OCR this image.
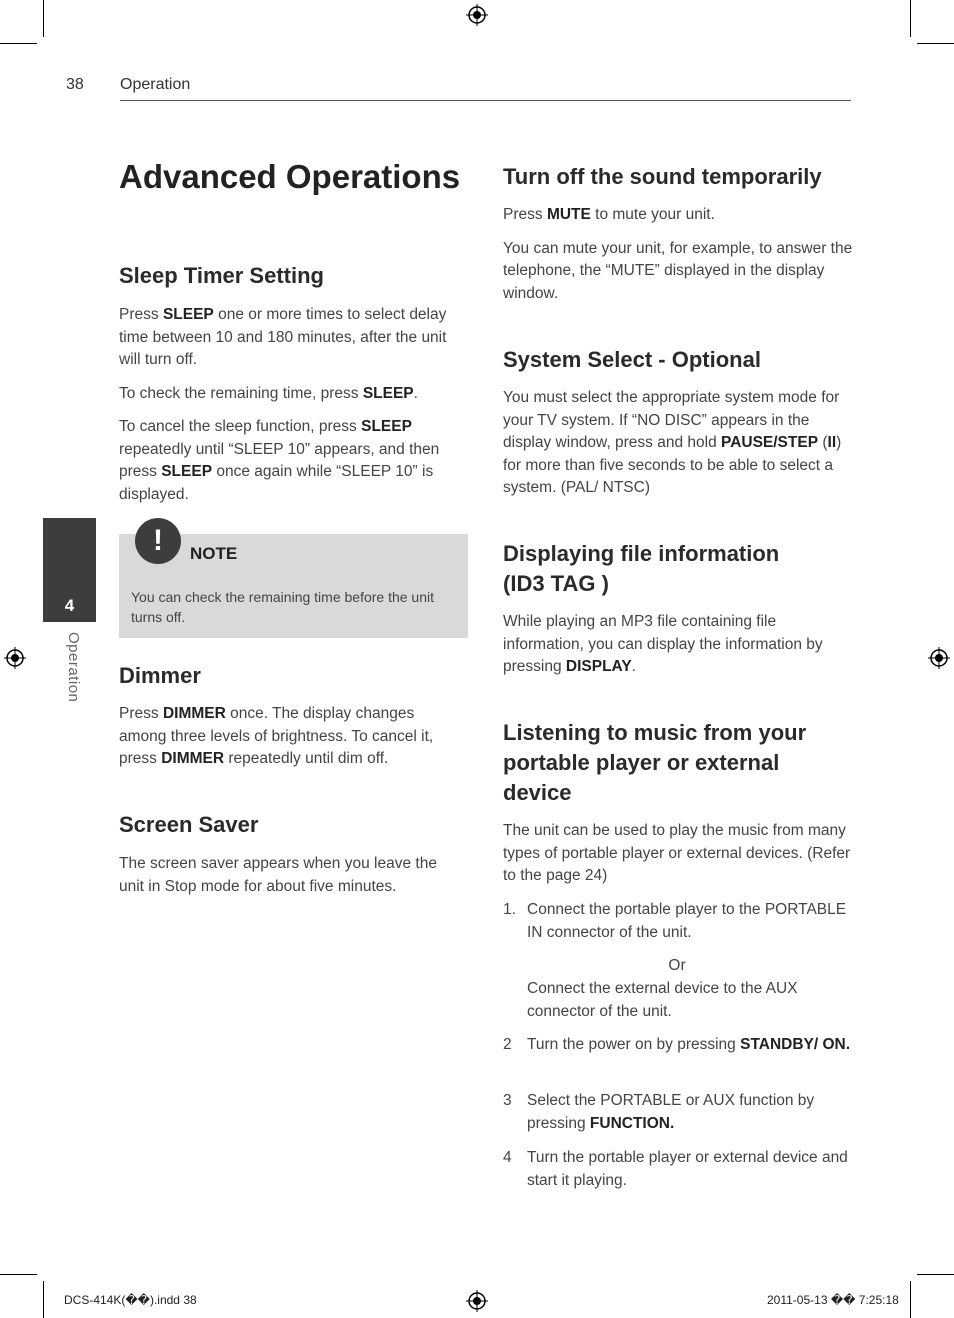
38 Operation
4
Operation
Advanced Operations
Sleep Timer Setting

Press SLEEP one or more times to select delay time between 10 and 180 minutes, after the unit will turn off.

To check the remaining time, press SLEEP.

To cancel the sleep function, press SLEEP repeatedly until “SLEEP 10” appears, and then press SLEEP once again while “SLEEP 10” is displayed.

!	NOTE
You can check the remaining time before the unit turns off.
Dimmer

Press DIMMER once. The display changes among three levels of brightness. To cancel it, press DIMMER repeatedly until dim off.

Screen Saver

The screen saver appears when you leave the unit in Stop mode for about five minutes.

Turn off the sound temporarily

Press MUTE to mute your unit.

You can mute your unit, for example, to answer the telephone, the “MUTE” displayed in the display window.

System Select - Optional

You must select the appropriate system mode for your TV system. If “NO DISC” appears in the display window, press and hold PAUSE/STEP (II) for more than five seconds to be able to select a system. (PAL/ NTSC)

Displaying file information
(ID3 TAG )

While playing an MP3 file containing file information, you can display the information by pressing DISPLAY.

Listening to music from your portable player or external device

The unit can be used to play the music from many types of portable player or external devices. (Refer to the page 24)

1. Connect the portable player to the PORTABLE IN connector of the unit.
Or
Connect the external device to the AUX connector of the unit.
2 Turn the power on by pressing STANDBY/ ON.
3 Select the PORTABLE or AUX function by pressing FUNCTION.
4 Turn the portable player or external device and start it playing.
DCS-414K(��).indd 38	2011-05-13 �� 7:25:18
